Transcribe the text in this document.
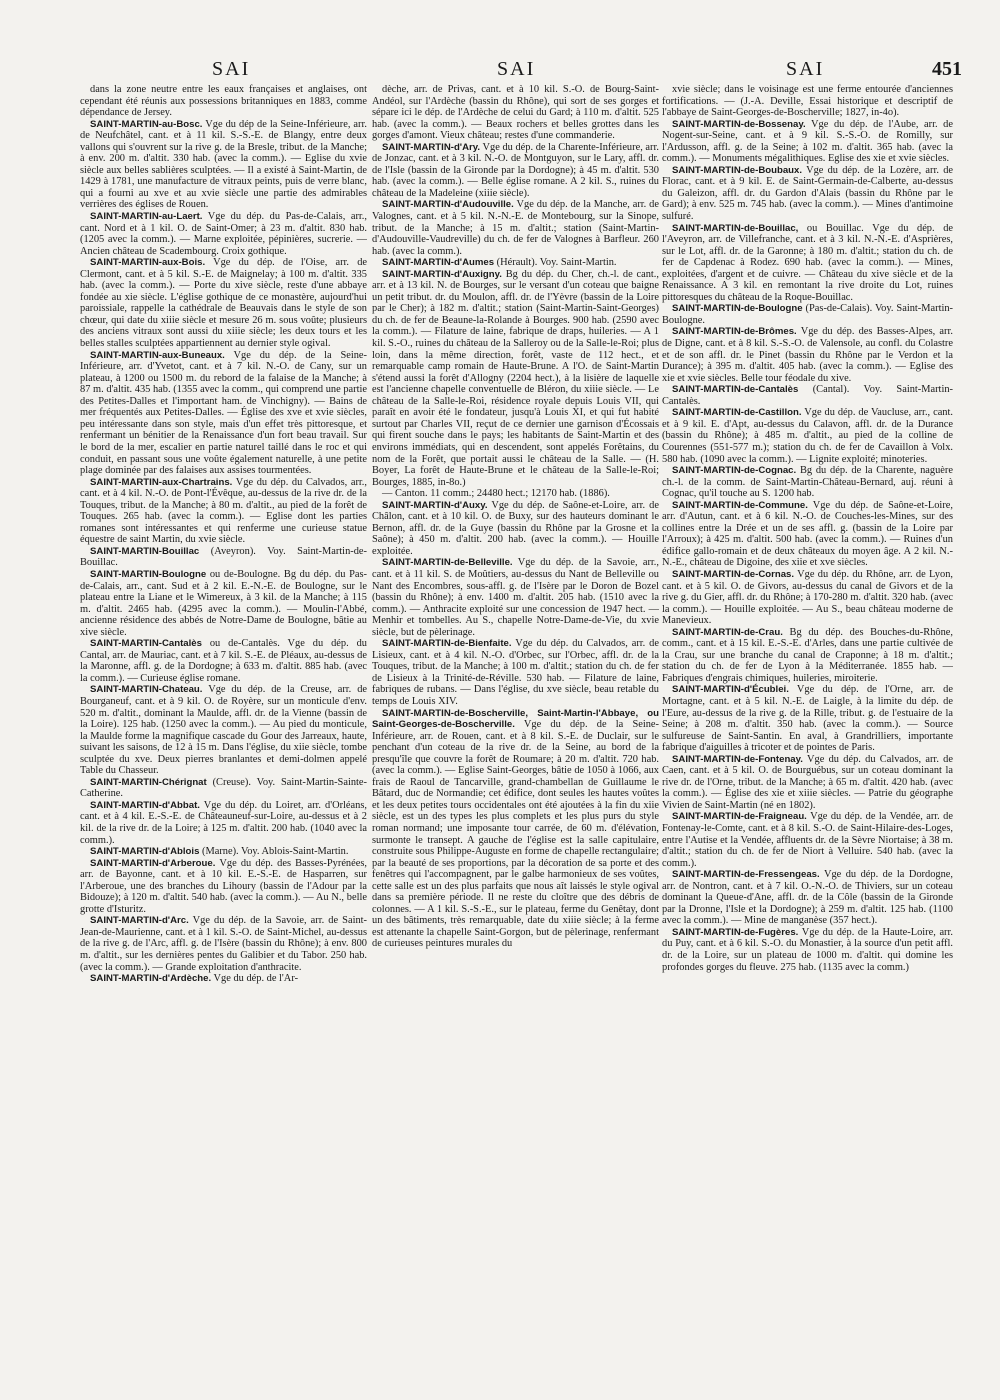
SAI	SAI	SAI	451

dans la zone neutre entre les eaux françaises et anglaises, ont cependant été réunis aux possessions britanniques en 1883, comme dépendance de Jersey.

SAINT-MARTIN-au-Bosc. Vge du dép de la Seine-Inférieure, arr. de Neufchâtel, cant. et à 11 kil. S.-S.-E. de Blangy, entre deux vallons qui s'ouvrent sur la rive g. de la Bresle, tribut. de la Manche; à env. 200 m. d'altit. 330 hab. (avec la comm.). — Eglise du xvie siècle aux belles sablières sculptées. — Il a existé à Saint-Martin, de 1429 à 1781, une manufacture de vitraux peints, puis de verre blanc, qui a fourni au xve et au xvie siècle une partie des admirables verrières des églises de Rouen.

SAINT-MARTIN-au-Laert. Vge du dép. du Pas-de-Calais, arr., cant. Nord et à 1 kil. O. de Saint-Omer; à 23 m. d'altit. 830 hab. (1205 avec la comm.). — Marne exploitée, pépinières, sucrerie. — Ancien château de Scadembourg. Croix gothique.

SAINT-MARTIN-aux-Bois. Vge du dép. de l'Oise, arr. de Clermont, cant. et à 5 kil. S.-E. de Maignelay; à 100 m. d'altit. 335 hab. (avec la comm.). — Porte du xive siècle, reste d'une abbaye fondée au xie siècle. L'église gothique de ce monastère, aujourd'hui paroissiale, rappelle la cathédrale de Beauvais dans le style de son chœur, qui date du xiiie siècle et mesure 26 m. sous voûte; plusieurs des anciens vitraux sont aussi du xiiie siècle; les deux tours et les belles stalles sculptées appartiennent au dernier style ogival.

SAINT-MARTIN-aux-Buneaux. Vge du dép. de la Seine-Inférieure, arr. d'Yvetot, cant. et à 7 kil. N.-O. de Cany, sur un plateau, à 1200 ou 1500 m. du rebord de la falaise de la Manche; à 87 m. d'altit. 435 hab. (1355 avec la comm., qui comprend une partie des Petites-Dalles et l'important ham. de Vinchigny). — Bains de mer fréquentés aux Petites-Dalles. — Église des xve et xvie siècles, peu intéressante dans son style, mais d'un effet très pittoresque, et renfermant un bénitier de la Renaissance d'un fort beau travail. Sur le bord de la mer, escalier en partie naturel taillé dans le roc et qui conduit, en passant sous une voûte également naturelle, à une petite plage dominée par des falaises aux assises tourmentées.

SAINT-MARTIN-aux-Chartrains. Vge du dép. du Calvados, arr., cant. et à 4 kil. N.-O. de Pont-l'Évêque, au-dessus de la rive dr. de la Touques, tribut. de la Manche; à 80 m. d'altit., au pied de la forêt de Touques. 265 hab. (avec la comm.). — Eglise dont les parties romanes sont intéressantes et qui renferme une curieuse statue équestre de saint Martin, du xvie siècle.

SAINT-MARTIN-Bouillac (Aveyron). Voy. Saint-Martin-de-Bouillac.

SAINT-MARTIN-Boulogne ou de-Boulogne. Bg du dép. du Pas-de-Calais, arr., cant. Sud et à 2 kil. E.-N.-E. de Boulogne, sur le plateau entre la Liane et le Wimereux, à 3 kil. de la Manche; à 115 m. d'altit. 2465 hab. (4295 avec la comm.). — Moulin-l'Abbé, ancienne résidence des abbés de Notre-Dame de Boulogne, bâtie au xive siècle.

SAINT-MARTIN-Cantalès ou de-Cantalès. Vge du dép. du Cantal, arr. de Mauriac, cant. et à 7 kil. S.-E. de Pléaux, au-dessus de la Maronne, affl. g. de la Dordogne; à 633 m. d'altit. 885 hab. (avec la comm.). — Curieuse église romane.

SAINT-MARTIN-Chateau. Vge du dép. de la Creuse, arr. de Bourganeuf, cant. et à 9 kil. O. de Royère, sur un monticule d'env. 520 m. d'altit., dominant la Maulde, affl. dr. de la Vienne (bassin de la Loire). 125 hab. (1250 avec la comm.). — Au pied du monticule, la Maulde forme la magnifique cascade du Gour des Jarreaux, haute, suivant les saisons, de 12 à 15 m. Dans l'église, du xiie siècle, tombe sculptée du xve. Deux pierres branlantes et demi-dolmen appelé Table du Chasseur.

SAINT-MARTIN-Chérignat (Creuse). Voy. Saint-Martin-Sainte-Catherine.

SAINT-MARTIN-d'Abbat. Vge du dép. du Loiret, arr. d'Orléans, cant. et à 4 kil. E.-S.-E. de Châteauneuf-sur-Loire, au-dessus et à 2 kil. de la rive dr. de la Loire; à 125 m. d'altit. 200 hab. (1040 avec la comm.).

SAINT-MARTIN-d'Ablois (Marne). Voy. Ablois-Saint-Martin.

SAINT-MARTIN-d'Arberoue. Vge du dép. des Basses-Pyrénées, arr. de Bayonne, cant. et à 10 kil. E.-S.-E. de Hasparren, sur l'Arberoue, une des branches du Lihoury (bassin de l'Adour par la Bidouze); à 120 m. d'altit. 540 hab. (avec la comm.). — Au N., belle grotte d'Isturitz.

SAINT-MARTIN-d'Arc. Vge du dép. de la Savoie, arr. de Saint-Jean-de-Maurienne, cant. et à 1 kil. S.-O. de Saint-Michel, au-dessus de la rive g. de l'Arc, affl. g. de l'Isère (bassin du Rhône); à env. 800 m. d'altit., sur les dernières pentes du Galibier et du Tabor. 250 hab. (avec la comm.). — Grande exploitation d'anthracite.

SAINT-MARTIN-d'Ardèche. Vge du dép. de l'Ar-

dèche, arr. de Privas, cant. et à 10 kil. S.-O. de Bourg-Saint-Andéol, sur l'Ardèche (bassin du Rhône), qui sort de ses gorges et sépare ici le dép. de l'Ardèche de celui du Gard; à 110 m. d'altit. 525 hab. (avec la comm.). — Beaux rochers et belles grottes dans les gorges d'amont. Vieux château; restes d'une commanderie.

SAINT-MARTIN-d'Ary. Vge du dép. de la Charente-Inférieure, arr. de Jonzac, cant. et à 3 kil. N.-O. de Montguyon, sur le Lary, affl. dr. de l'Isle (bassin de la Gironde par la Dordogne); à 45 m. d'altit. 530 hab. (avec la comm.). — Belle église romane. A 2 kil. S., ruines du château de la Madeleine (xiiie siècle).

SAINT-MARTIN-d'Audouville. Vge du dép. de la Manche, arr. de Valognes, cant. et à 5 kil. N.-N.-E. de Montebourg, sur la Sinope, tribut. de la Manche; à 15 m. d'altit.; station (Saint-Martin-d'Audouville-Vaudreville) du ch. de fer de Valognes à Barfleur. 260 hab. (avec la comm.).

SAINT-MARTIN-d'Aumes (Hérault). Voy. Saint-Martin.

SAINT-MARTIN-d'Auxigny. Bg du dép. du Cher, ch.-l. de cant., arr. et à 13 kil. N. de Bourges, sur le versant d'un coteau que baigne un petit tribut. dr. du Moulon, affl. dr. de l'Yèvre (bassin de la Loire par le Cher); à 182 m. d'altit.; station (Saint-Martin-Saint-Georges) du ch. de fer de Beaune-la-Rolande à Bourges. 900 hab. (2590 avec la comm.). — Filature de laine, fabrique de draps, huileries. — A 1 kil. S.-O., ruines du château de la Salleroy ou de la Salle-le-Roi; plus loin, dans la même direction, forêt, vaste de 112 hect., et remarquable camp romain de Haute-Brune. A l'O. de Saint-Martin s'étend aussi la forêt d'Allogny (2204 hect.), à la lisière de laquelle est l'ancienne chapelle conventuelle de Bléron, du xiiie siècle. — Le château de la Salle-le-Roi, résidence royale depuis Louis VII, qui paraît en avoir été le fondateur, jusqu'à Louis XI, et qui fut habité surtout par Charles VII, reçut de ce dernier une garnison d'Écossais qui firent souche dans le pays; les habitants de Saint-Martin et des environs immédiats, qui en descendent, sont appelés Forêtains, du nom de la Forêt, que portait aussi le château de la Salle. — (H. Boyer, La forêt de Haute-Brune et le château de la Salle-le-Roi; Bourges, 1885, in-8o.)

— Canton. 11 comm.; 24480 hect.; 12170 hab. (1886).

SAINT-MARTIN-d'Auxy. Vge du dép. de Saône-et-Loire, arr. de Châlon, cant. et à 10 kil. O. de Buxy, sur des hauteurs dominant le Bernon, affl. dr. de la Guye (bassin du Rhône par la Grosne et la Saône); à 450 m. d'altit. 200 hab. (avec la comm.). — Houille exploitée.

SAINT-MARTIN-de-Belleville. Vge du dép. de la Savoie, arr., cant. et à 11 kil. S. de Moûtiers, au-dessus du Nant de Belleville ou Nant des Encombres, sous-affl. g. de l'Isère par le Doron de Bozel (bassin du Rhône); à env. 1400 m. d'altit. 205 hab. (1510 avec la comm.). — Anthracite exploité sur une concession de 1947 hect. — Menhir et tombelles. Au S., chapelle Notre-Dame-de-Vie, du xvie siècle, but de pèlerinage.

SAINT-MARTIN-de-Bienfaite. Vge du dép. du Calvados, arr. de Lisieux, cant. et à 4 kil. N.-O. d'Orbec, sur l'Orbec, affl. dr. de la Touques, tribut. de la Manche; à 100 m. d'altit.; station du ch. de fer de Lisieux à la Trinité-de-Réville. 530 hab. — Filature de laine, fabriques de rubans. — Dans l'église, du xve siècle, beau retable du temps de Louis XIV.

SAINT-MARTIN-de-Boscherville, Saint-Martin-l'Abbaye, ou Saint-Georges-de-Boscherville. Vge du dép. de la Seine-Inférieure, arr. de Rouen, cant. et à 8 kil. S.-E. de Duclair, sur le penchant d'un coteau de la rive dr. de la Seine, au bord de la presqu'île que couvre la forêt de Roumare; à 20 m. d'altit. 720 hab. (avec la comm.). — Eglise Saint-Georges, bâtie de 1050 à 1066, aux frais de Raoul de Tancarville, grand-chambellan de Guillaume le Bâtard, duc de Normandie; cet édifice, dont seules les hautes voûtes et les deux petites tours occidentales ont été ajoutées à la fin du xiie siècle, est un des types les plus complets et les plus purs du style roman normand; une imposante tour carrée, de 60 m. d'élévation, surmonte le transept. A gauche de l'église est la salle capitulaire, construite sous Philippe-Auguste en forme de chapelle rectangulaire; par la beauté de ses proportions, par la décoration de sa porte et des fenêtres qui l'accompagnent, par le galbe harmonieux de ses voûtes, cette salle est un des plus parfaits que nous aît laissés le style ogival dans sa première période. Il ne reste du cloître que des débris de colonnes. — A 1 kil. S.-S.-E., sur le plateau, ferme du Genêtay, dont un des bâtiments, très remarquable, date du xiiie siècle; à la ferme est attenante la chapelle Saint-Gorgon, but de pèlerinage, renfermant de curieuses peintures murales du

xvie siècle; dans le voisinage est une ferme entourée d'anciennes fortifications. — (J.-A. Deville, Essai historique et descriptif de l'abbaye de Saint-Georges-de-Boscherville; 1827, in-4o).

SAINT-MARTIN-de-Bossenay. Vge du dép. de l'Aube, arr. de Nogent-sur-Seine, cant. et à 9 kil. S.-S.-O. de Romilly, sur l'Ardusson, affl. g. de la Seine; à 102 m. d'altit. 365 hab. (avec la comm.). — Monuments mégalithiques. Eglise des xie et xvie siècles.

SAINT-MARTIN-de-Boubaux. Vge du dép. de la Lozère, arr. de Florac, cant. et à 9 kil. E. de Saint-Germain-de-Calberte, au-dessus du Galeizon, affl. dr. du Gardon d'Alais (bassin du Rhône par le Gard); à env. 525 m. 745 hab. (avec la comm.). — Mines d'antimoine sulfuré.

SAINT-MARTIN-de-Bouillac, ou Bouillac. Vge du dép. de l'Aveyron, arr. de Villefranche, cant. et à 3 kil. N.-N.-E. d'Asprières, sur le Lot, affl. dr. de la Garonne; à 180 m. d'altit.; station du ch. de fer de Capdenac à Rodez. 690 hab. (avec la comm.). — Mines, exploitées, d'argent et de cuivre. — Château du xive siècle et de la Renaissance. A 3 kil. en remontant la rive droite du Lot, ruines pittoresques du château de la Roque-Bouillac.

SAINT-MARTIN-de-Boulogne (Pas-de-Calais). Voy. Saint-Martin-Boulogne.

SAINT-MARTIN-de-Brômes. Vge du dép. des Basses-Alpes, arr. de Digne, cant. et à 8 kil. S.-S.-O. de Valensole, au confl. du Colastre et de son affl. dr. le Pinet (bassin du Rhône par le Verdon et la Durance); à 395 m. d'altit. 405 hab. (avec la comm.). — Eglise des xie et xvie siècles. Belle tour féodale du xive.

SAINT-MARTIN-de-Cantalès (Cantal). Voy. Saint-Martin-Cantalès.

SAINT-MARTIN-de-Castillon. Vge du dép. de Vaucluse, arr., cant. et à 9 kil. E. d'Apt, au-dessus du Calavon, affl. dr. de la Durance (bassin du Rhône); à 485 m. d'altit., au pied de la colline de Courennes (551-577 m.); station du ch. de fer de Cavaillon à Volx. 580 hab. (1090 avec la comm.). — Lignite exploité; minoteries.

SAINT-MARTIN-de-Cognac. Bg du dép. de la Charente, naguère ch.-l. de la comm. de Saint-Martin-Château-Bernard, auj. réuni à Cognac, qu'il touche au S. 1200 hab.

SAINT-MARTIN-de-Commune. Vge du dép. de Saône-et-Loire, arr. d'Autun, cant. et à 6 kil. N.-O. de Couches-les-Mines, sur des collines entre la Drée et un de ses affl. g. (bassin de la Loire par l'Arroux); à 425 m. d'altit. 500 hab. (avec la comm.). — Ruines d'un édifice gallo-romain et de deux châteaux du moyen âge. A 2 kil. N.-N.-E., château de Digoine, des xiie et xve siècles.

SAINT-MARTIN-de-Cornas. Vge du dép. du Rhône, arr. de Lyon, cant. et à 5 kil. O. de Givors, au-dessus du canal de Givors et de la rive g. du Gier, affl. dr. du Rhône; à 170-280 m. d'altit. 320 hab. (avec la comm.). — Houille exploitée. — Au S., beau château moderne de Manevieux.

SAINT-MARTIN-de-Crau. Bg du dép. des Bouches-du-Rhône, comm., cant. et à 15 kil. E.-S.-E. d'Arles, dans une partie cultivée de la Crau, sur une branche du canal de Craponne; à 18 m. d'altit.; station du ch. de fer de Lyon à la Méditerranée. 1855 hab. — Fabriques d'engrais chimiques, huileries, miroiterie.

SAINT-MARTIN-d'Écublei. Vge du dép. de l'Orne, arr. de Mortagne, cant. et à 5 kil. N.-E. de Laigle, à la limite du dép. de l'Eure, au-dessus de la rive g. de la Rille, tribut. g. de l'estuaire de la Seine; à 208 m. d'altit. 350 hab. (avec la comm.). — Source sulfureuse de Saint-Santin. En aval, à Grandrilliers, importante fabrique d'aiguilles à tricoter et de pointes de Paris.

SAINT-MARTIN-de-Fontenay. Vge du dép. du Calvados, arr. de Caen, cant. et à 5 kil. O. de Bourguébus, sur un coteau dominant la rive dr. de l'Orne, tribut. de la Manche; à 65 m. d'altit. 420 hab. (avec la comm.). — Église des xie et xiiie siècles. — Patrie du géographe Vivien de Saint-Martin (né en 1802).

SAINT-MARTIN-de-Fraigneau. Vge du dép. de la Vendée, arr. de Fontenay-le-Comte, cant. et à 8 kil. S.-O. de Saint-Hilaire-des-Loges, entre l'Autise et la Vendée, affluents dr. de la Sèvre Niortaise; à 38 m. d'altit.; station du ch. de fer de Niort à Velluire. 540 hab. (avec la comm.).

SAINT-MARTIN-de-Fressengeas. Vge du dép. de la Dordogne, arr. de Nontron, cant. et à 7 kil. O.-N.-O. de Thiviers, sur un coteau dominant la Queue-d'Ane, affl. dr. de la Côle (bassin de la Gironde par la Dronne, l'Isle et la Dordogne); à 259 m. d'altit. 125 hab. (1100 avec la comm.). — Mine de manganèse (357 hect.).

SAINT-MARTIN-de-Fugères. Vge du dép. de la Haute-Loire, arr. du Puy, cant. et à 6 kil. S.-O. du Monastier, à la source d'un petit affl. dr. de la Loire, sur un plateau de 1000 m. d'altit. qui domine les profondes gorges du fleuve. 275 hab. (1135 avec la comm.)
